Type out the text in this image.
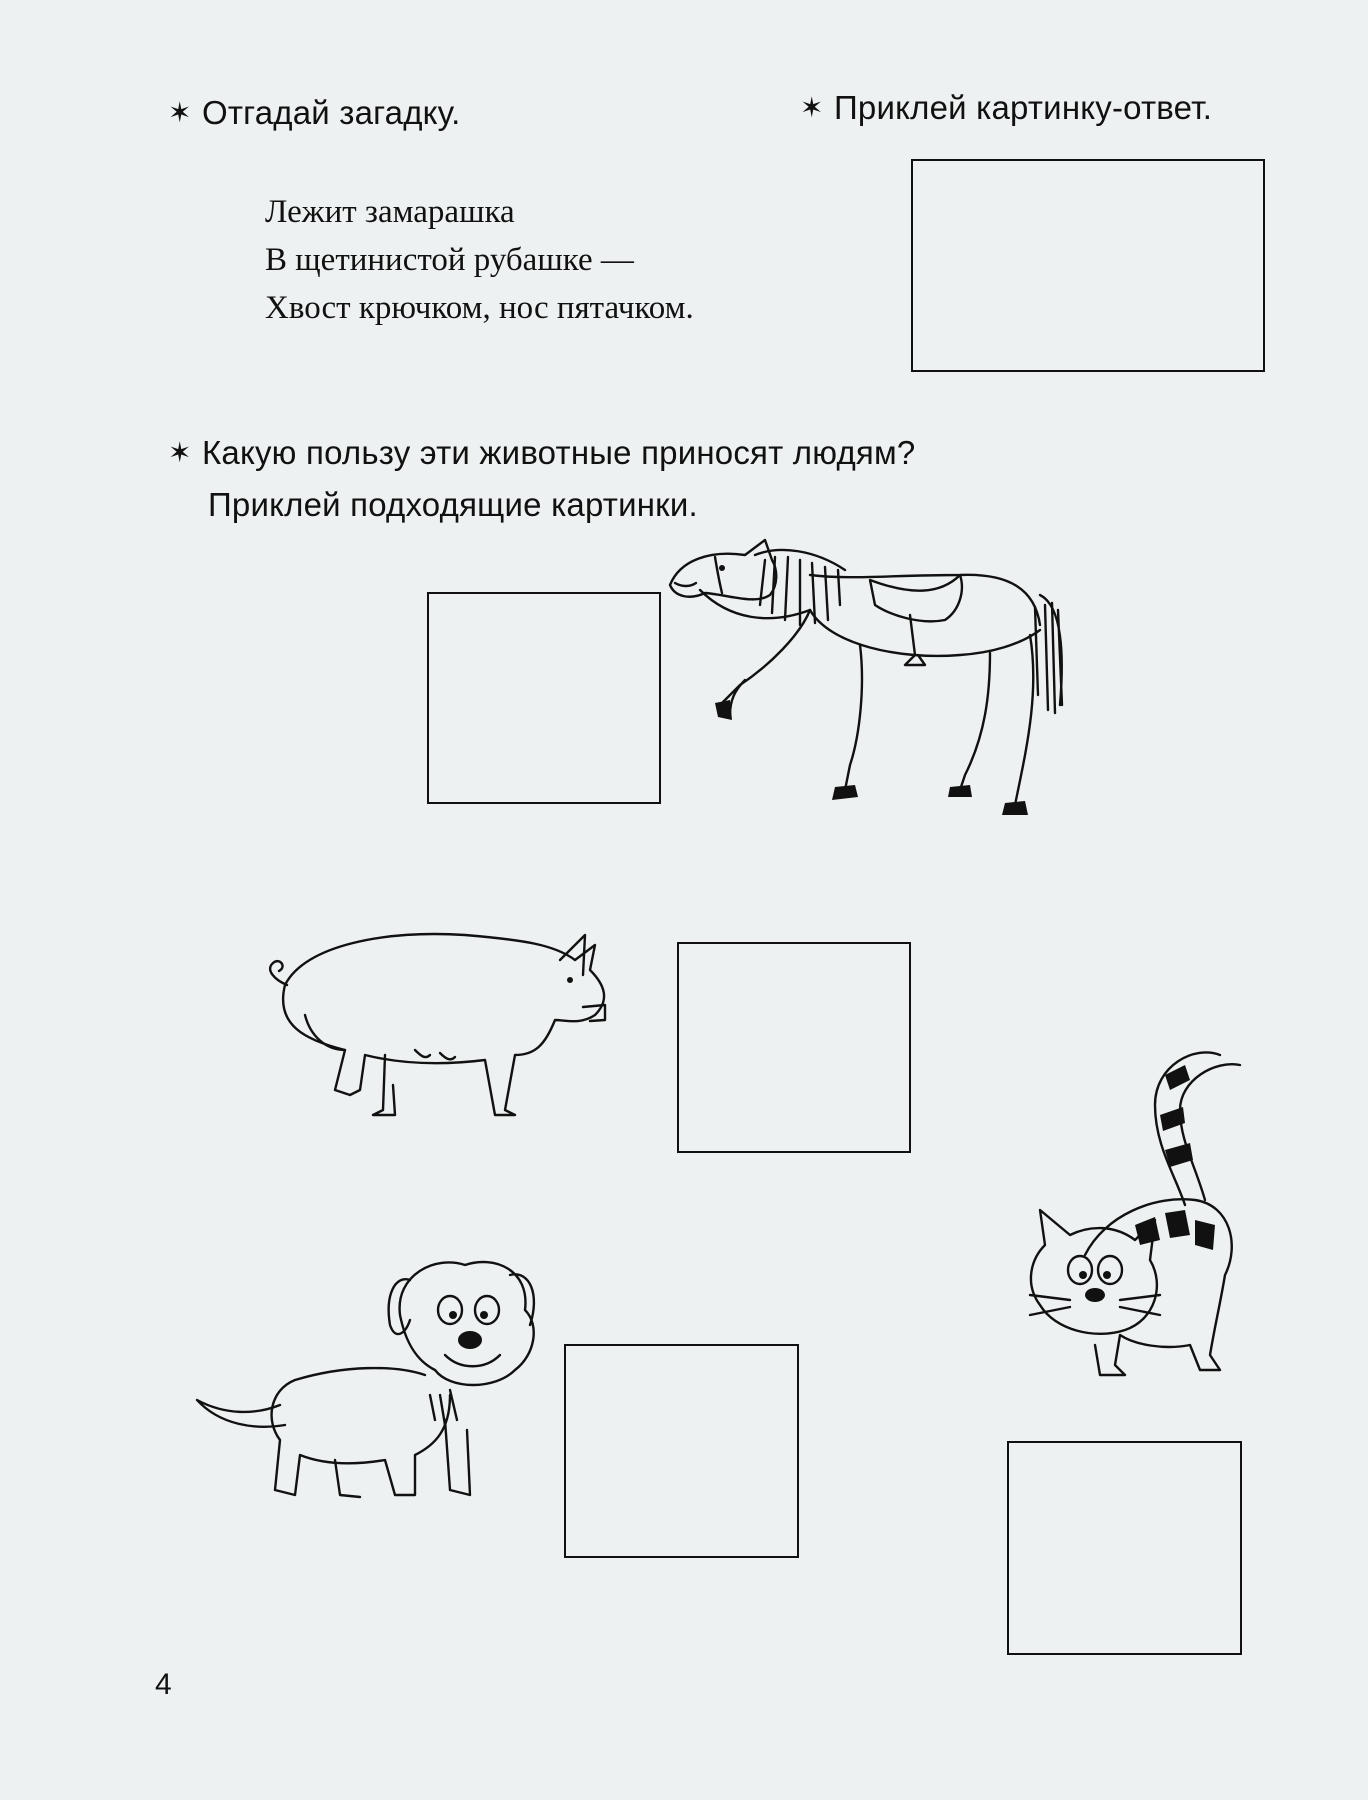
✶ Отгадай загадку.	✶ Приклей картинку-ответ.
Лежит замарашка
В щетинистой рубашке —
Хвост крючком, нос пятачком.
✶ Какую пользу эти животные приносят людям?
Приклей подходящие картинки.
4
